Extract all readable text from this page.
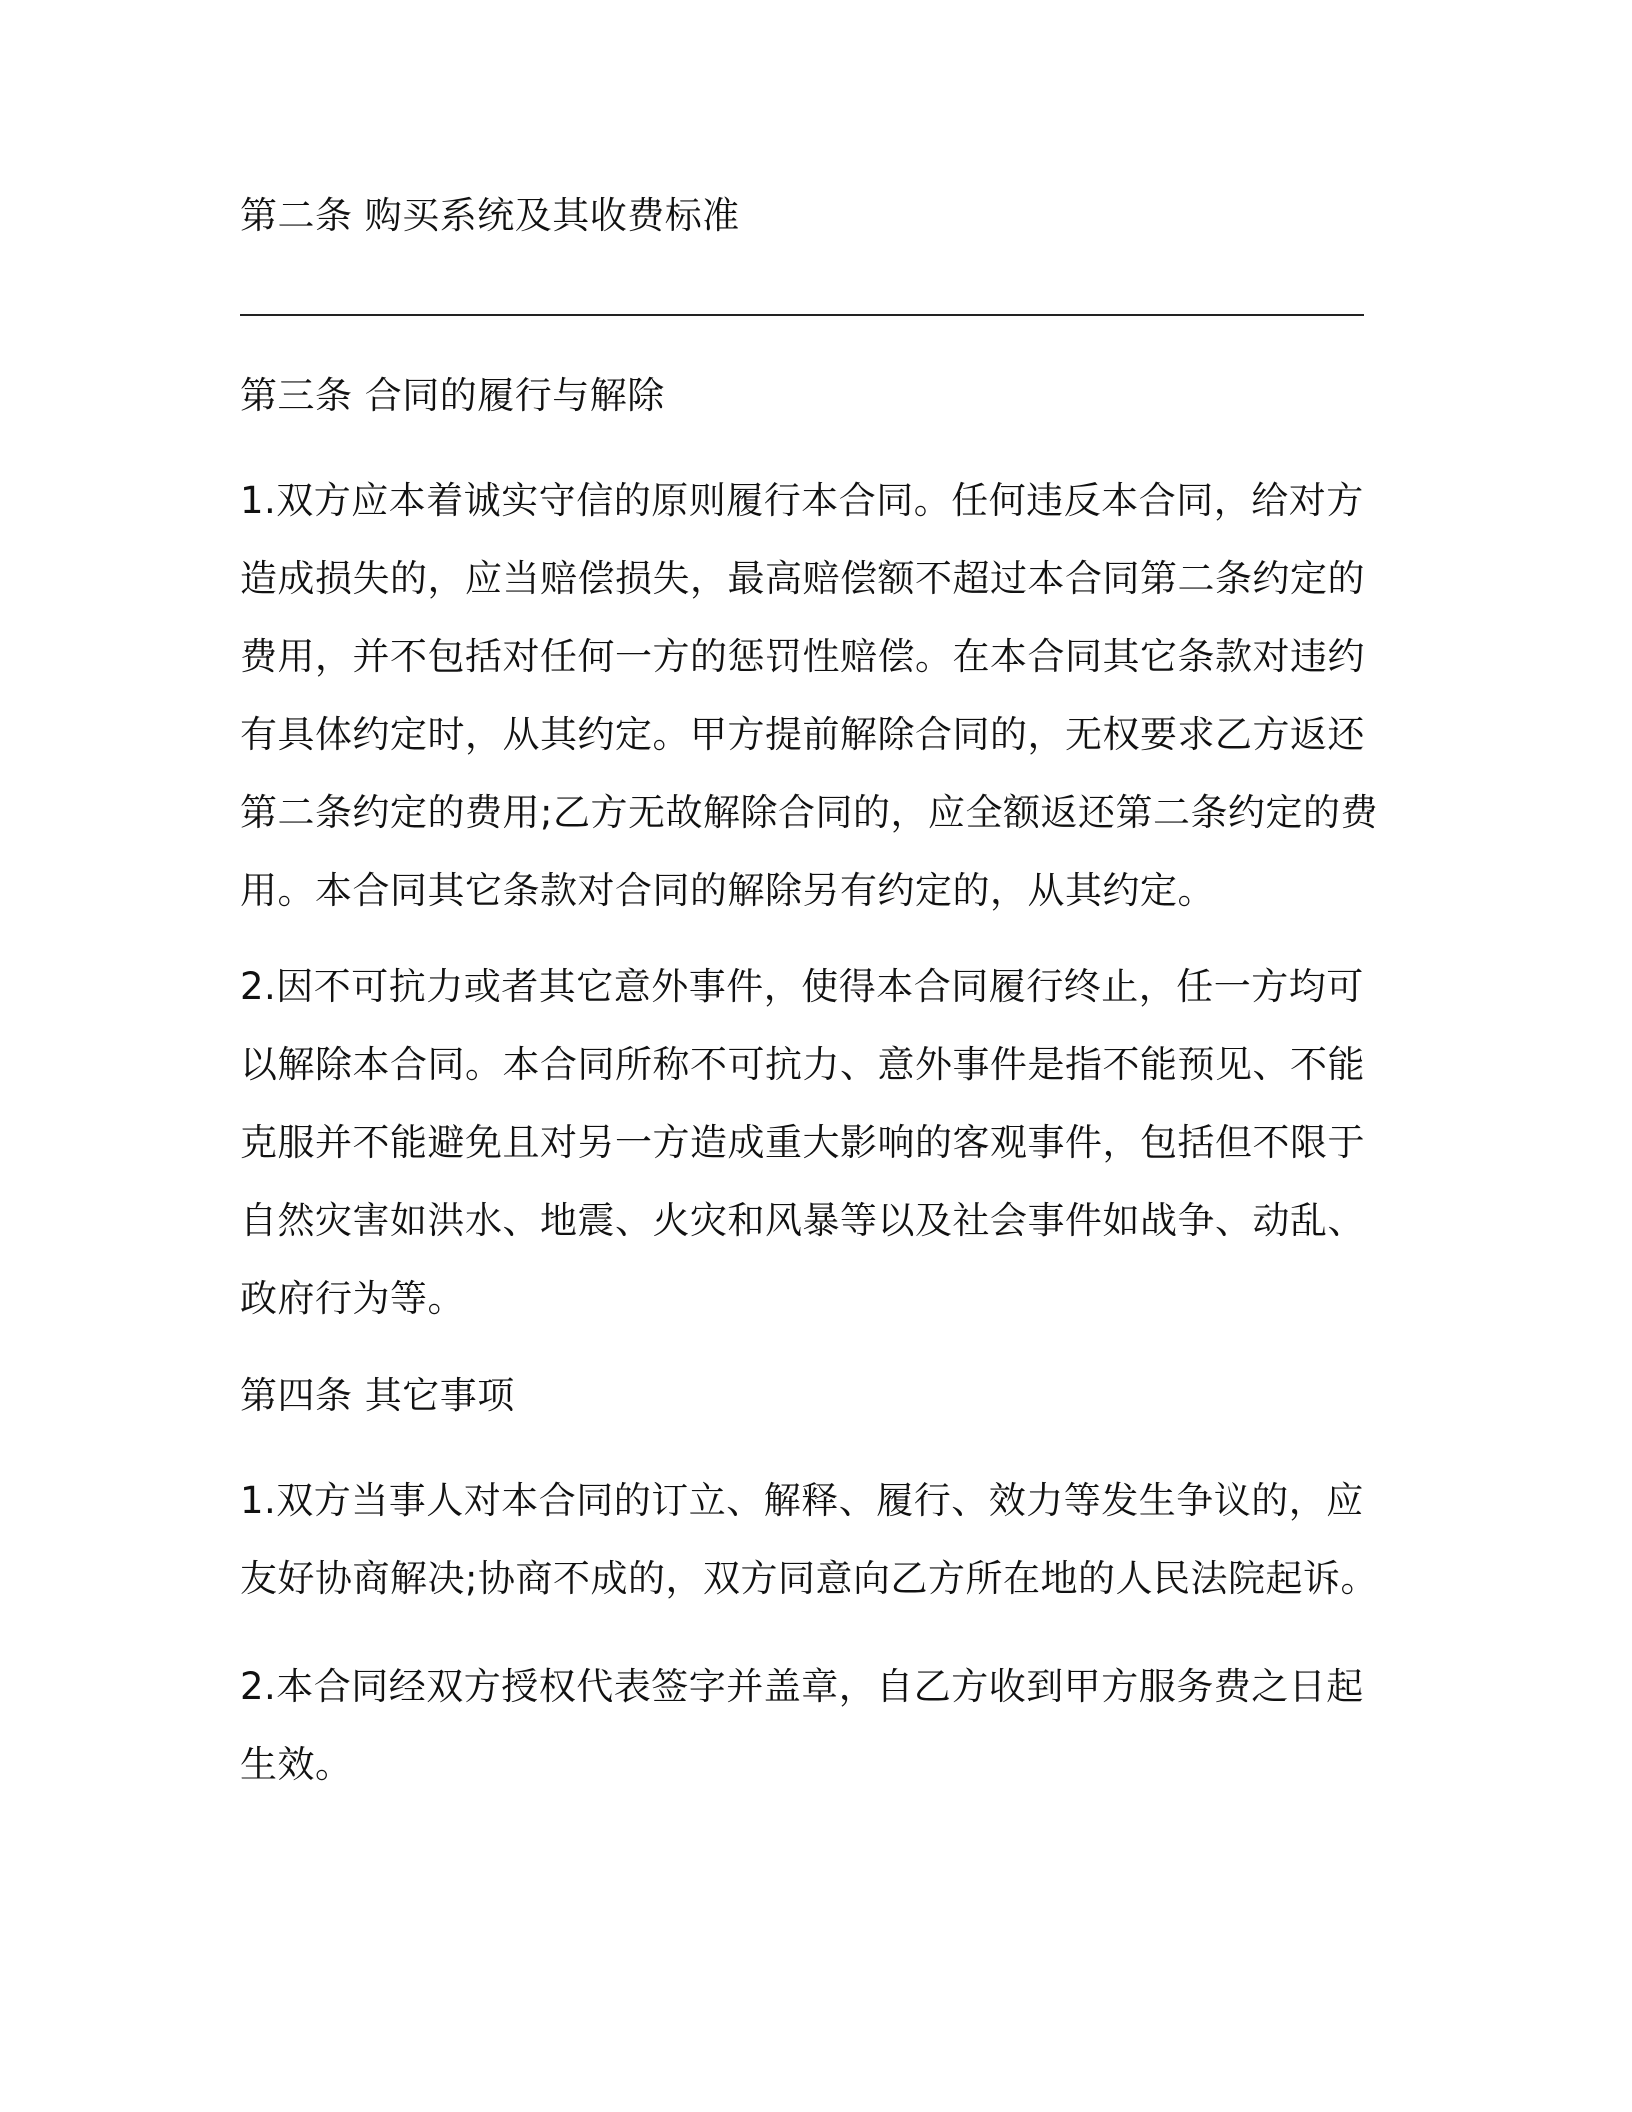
第二条 购买系统及其收费标准
第三条 合同的履行与解除
1.双方应本着诚实守信的原则履行本合同。任何违反本合同，给对方
造成损失的，应当赔偿损失，最高赔偿额不超过本合同第二条约定的
费用，并不包括对任何一方的惩罚性赔偿。在本合同其它条款对违约
有具体约定时，从其约定。甲方提前解除合同的，无权要求乙方返还
第二条约定的费用;乙方无故解除合同的，应全额返还第二条约定的费
用。本合同其它条款对合同的解除另有约定的，从其约定。
2.因不可抗力或者其它意外事件，使得本合同履行终止，任一方均可
以解除本合同。本合同所称不可抗力、意外事件是指不能预见、不能
克服并不能避免且对另一方造成重大影响的客观事件，包括但不限于
自然灾害如洪水、地震、火灾和风暴等以及社会事件如战争、动乱、
政府行为等。
第四条 其它事项
1.双方当事人对本合同的订立、解释、履行、效力等发生争议的，应
友好协商解决;协商不成的，双方同意向乙方所在地的人民法院起诉。
2.本合同经双方授权代表签字并盖章，自乙方收到甲方服务费之日起
生效。
